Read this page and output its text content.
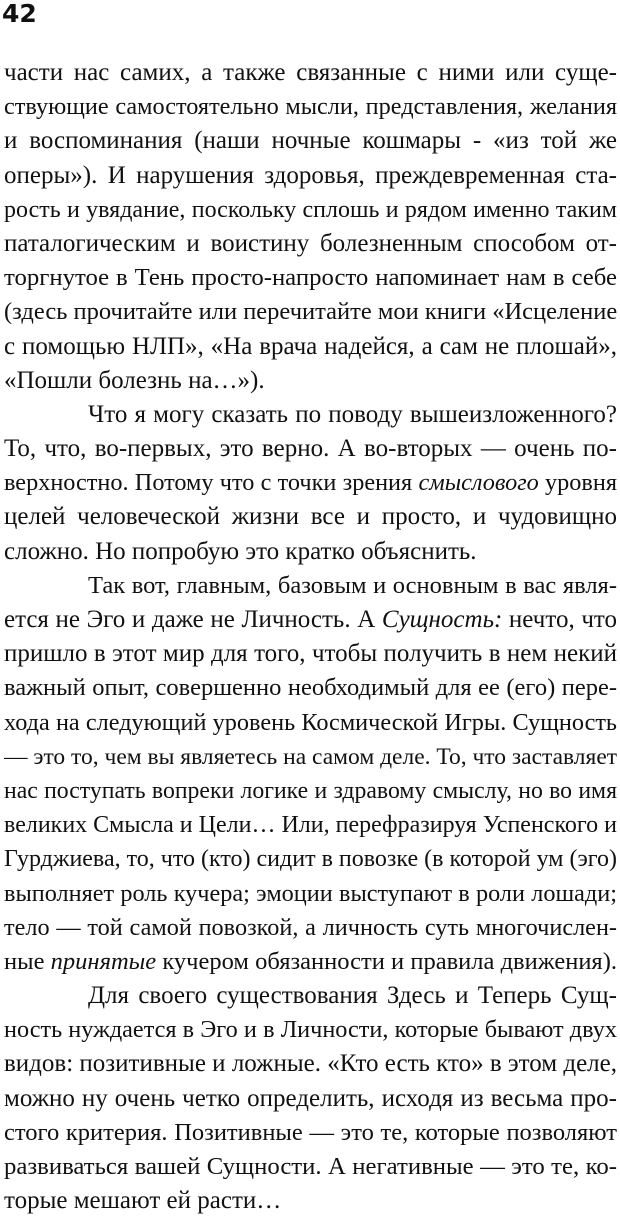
42
части нас самих, а также связанные с ними или суще-
ствующие самостоятельно мысли, представления, желания
и воспоминания (наши ночные кошмары - «из той же
оперы»). И нарушения здоровья, преждевременная ста-
рость и увядание, поскольку сплошь и рядом именно таким
паталогическим и воистину болезненным способом от-
торгнутое в Тень просто-напросто напоминает нам в себе
(здесь прочитайте или перечитайте мои книги «Исцеление
с помощью НЛП», «На врача надейся, а сам не плошай»,
«Пошли болезнь на…»).
Что я могу сказать по поводу вышеизложенного?
То, что, во-первых, это верно. А во-вторых — очень по-
верхностно. Потому что с точки зрения смыслового уровня
целей человеческой жизни все и просто, и чудовищно
сложно. Но попробую это кратко объяснить.
Так вот, главным, базовым и основным в вас явля-
ется не Эго и даже не Личность. А Сущность: нечто, что
пришло в этот мир для того, чтобы получить в нем некий
важный опыт, совершенно необходимый для ее (его) пере-
хода на следующий уровень Космической Игры. Сущность
— это то, чем вы являетесь на самом деле. То, что заставляет
нас поступать вопреки логике и здравому смыслу, но во имя
великих Смысла и Цели… Или, перефразируя Успенского и
Гурджиева, то, что (кто) сидит в повозке (в которой ум (эго)
выполняет роль кучера; эмоции выступают в роли лошади;
тело — той самой повозкой, а личность суть многочислен-
ные принятые кучером обязанности и правила движения).
Для своего существования Здесь и Теперь Сущ-
ность нуждается в Эго и в Личности, которые бывают двух
видов: позитивные и ложные. «Кто есть кто» в этом деле,
можно ну очень четко определить, исходя из весьма про-
стого критерия. Позитивные — это те, которые позволяют
развиваться вашей Сущности. А негативные — это те, ко-
торые мешают ей расти…
